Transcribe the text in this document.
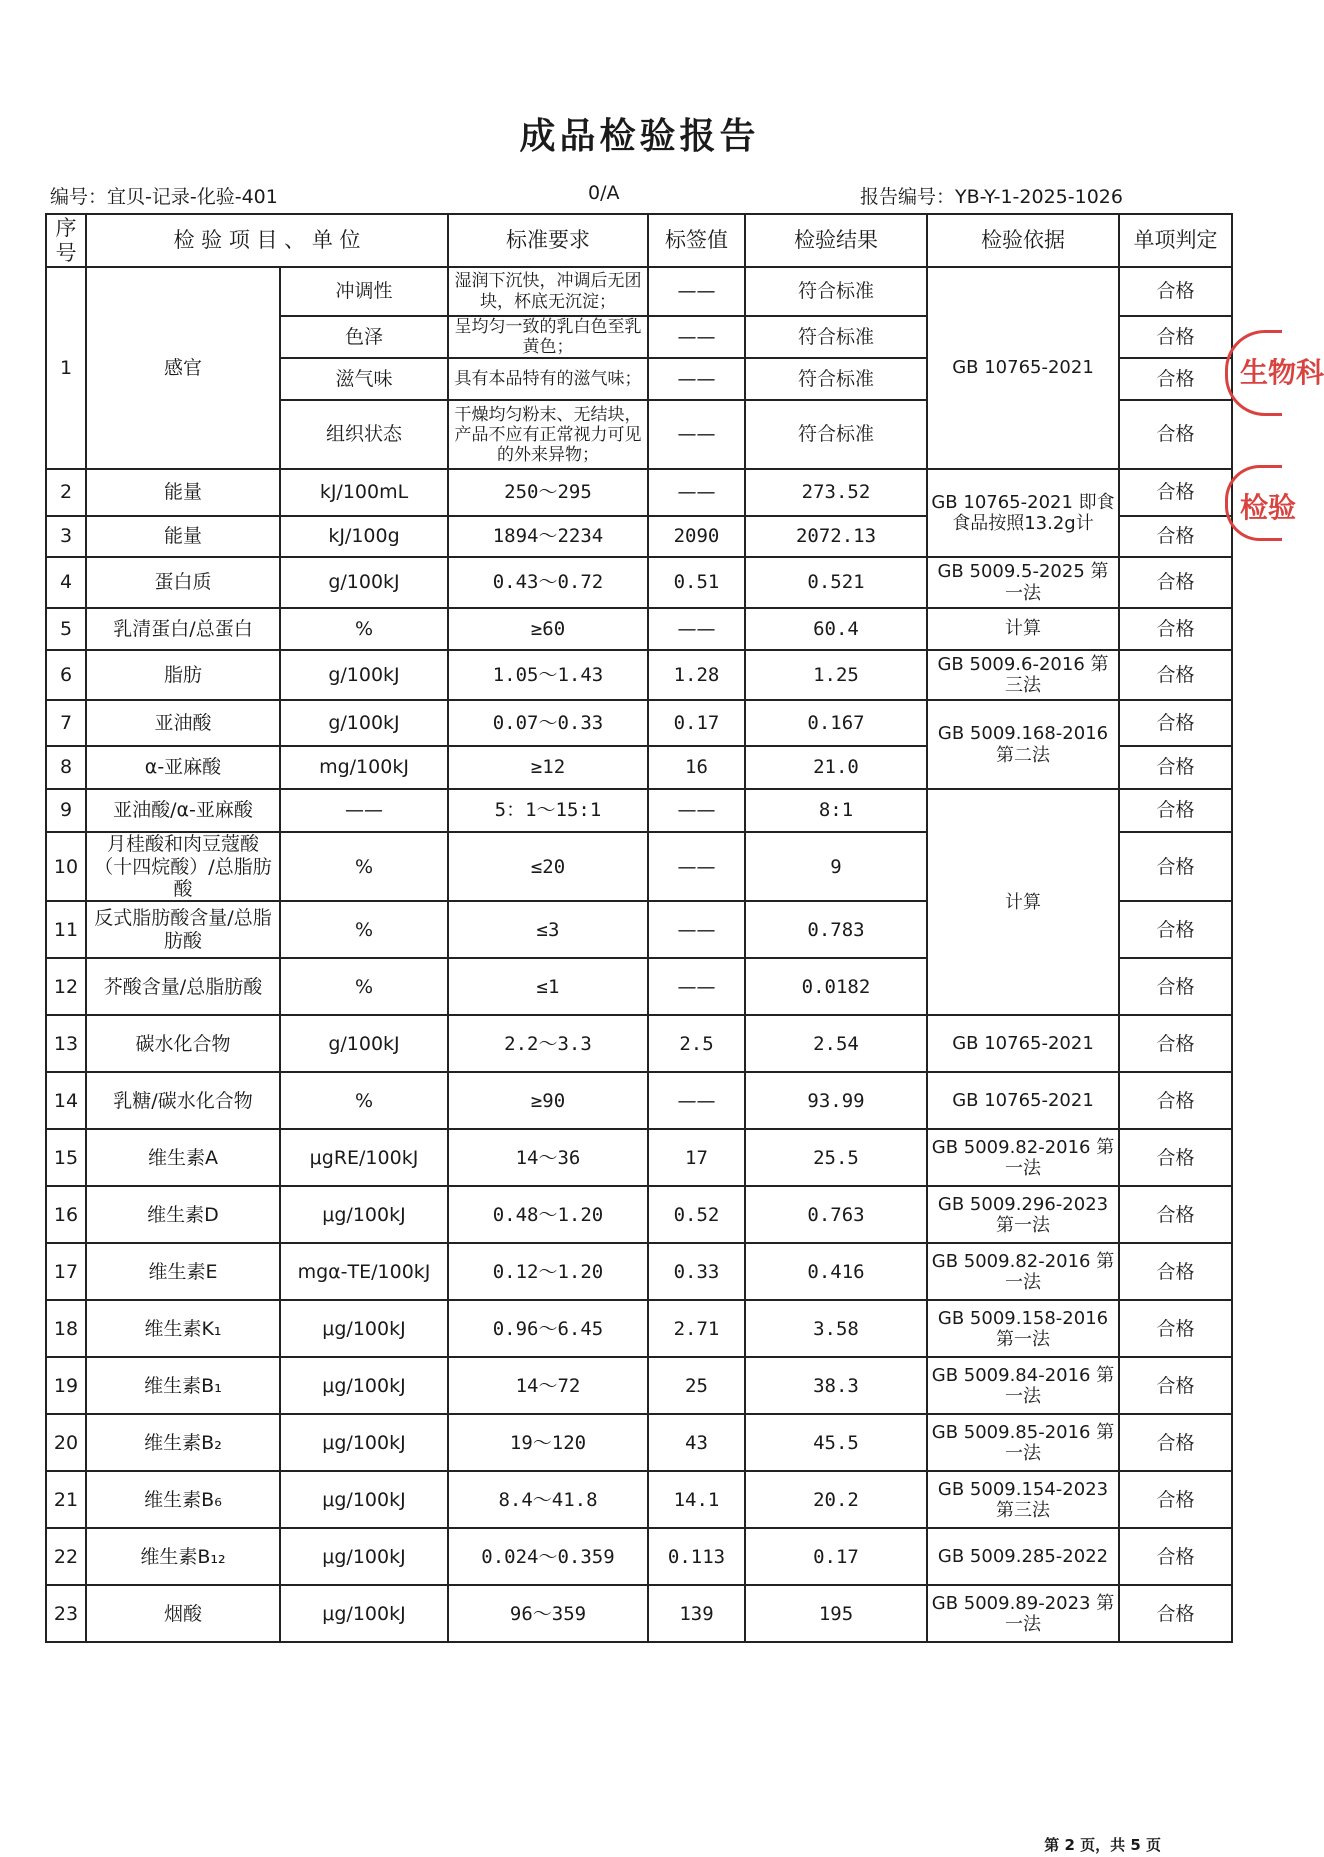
成品检验报告
编号：宜贝-记录-化验-401	0/A	报告编号：YB-Y-1-2025-1026
序号	检 验 项 目 、 单 位		标准要求	标签值	检验结果	检验依据	单项判定
1	感官	冲调性	湿润下沉快，冲调后无团块，杯底无沉淀；	——	符合标准	GB 10765-2021	合格
		色泽	呈均匀一致的乳白色至乳黄色；	——	符合标准		合格
		滋气味	具有本品特有的滋气味；	——	符合标准		合格
		组织状态	干燥均匀粉末、无结块，产品不应有正常视力可见的外来异物；	——	符合标准		合格
2	能量	kJ/100mL	250～295	——	273.52	GB 10765-2021 即食食品按照13.2g计	合格
3	能量	kJ/100g	1894～2234	2090	2072.13		合格
4	蛋白质	g/100kJ	0.43～0.72	0.51	0.521	GB 5009.5-2025 第一法	合格
5	乳清蛋白/总蛋白	%	≥60	——	60.4	计算	合格
6	脂肪	g/100kJ	1.05～1.43	1.28	1.25	GB 5009.6-2016 第三法	合格
7	亚油酸	g/100kJ	0.07～0.33	0.17	0.167	GB 5009.168-2016 第二法	合格
8	α-亚麻酸	mg/100kJ	≥12	16	21.0		合格
9	亚油酸/α-亚麻酸	——	5：1～15:1	——	8:1	计算	合格
10	月桂酸和肉豆蔻酸（十四烷酸）/总脂肪酸	%	≤20	——	9		合格
11	反式脂肪酸含量/总脂肪酸	%	≤3	——	0.783		合格
12	芥酸含量/总脂肪酸	%	≤1	——	0.0182		合格
13	碳水化合物	g/100kJ	2.2～3.3	2.5	2.54	GB 10765-2021	合格
14	乳糖/碳水化合物	%	≥90	——	93.99	GB 10765-2021	合格
15	维生素A	μgRE/100kJ	14～36	17	25.5	GB 5009.82-2016 第一法	合格
16	维生素D	μg/100kJ	0.48～1.20	0.52	0.763	GB 5009.296-2023 第一法	合格
17	维生素E	mgα-TE/100kJ	0.12～1.20	0.33	0.416	GB 5009.82-2016 第一法	合格
18	维生素K₁	μg/100kJ	0.96～6.45	2.71	3.58	GB 5009.158-2016 第一法	合格
19	维生素B₁	μg/100kJ	14～72	25	38.3	GB 5009.84-2016 第一法	合格
20	维生素B₂	μg/100kJ	19～120	43	45.5	GB 5009.85-2016 第一法	合格
21	维生素B₆	μg/100kJ	8.4～41.8	14.1	20.2	GB 5009.154-2023 第三法	合格
22	维生素B₁₂	μg/100kJ	0.024～0.359	0.113	0.17	GB 5009.285-2022	合格
23	烟酸	μg/100kJ	96～359	139	195	GB 5009.89-2023 第一法	合格
生物科
检验
第 2 页，共 5 页
